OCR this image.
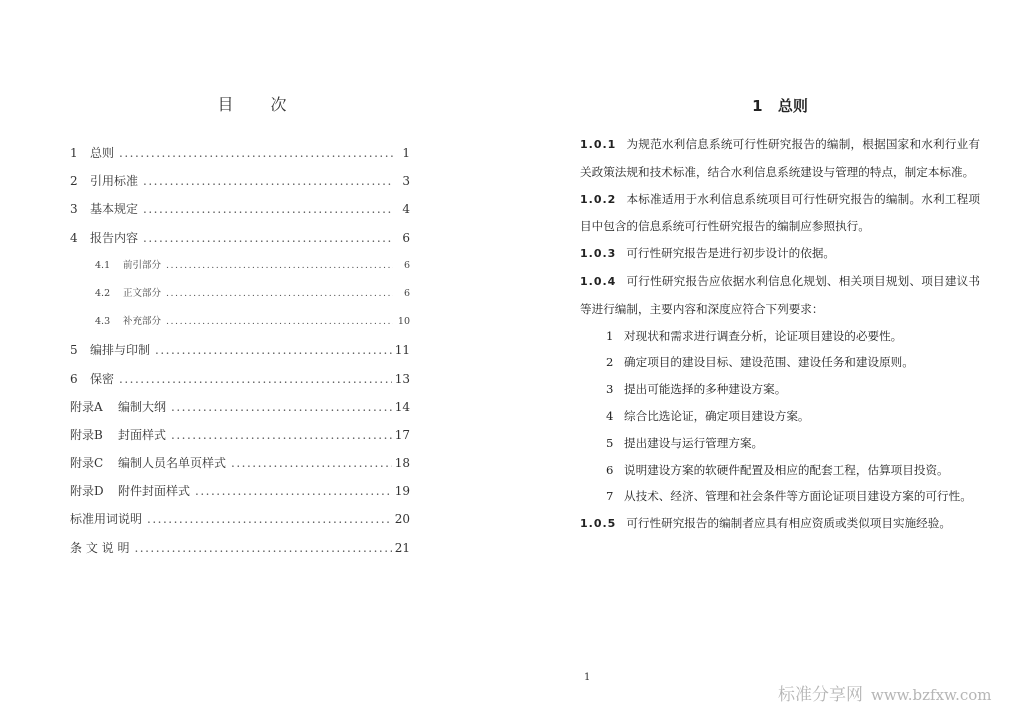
目 次
1	总则 .....	1
2	引用标准 .....	3
3	基本规定 .....	4
4	报告内容 .....	6
4.1	前引部分 .....	6
4.2	正文部分 .....	6
4.3	补充部分 .....	10
5	编排与印制 .....	11
6	保密 .....	13
附录A	编制大纲 .....	14
附录B	封面样式 .....	17
附录C	编制人员名单页样式 .....	18
附录D	附件封面样式 .....	19
标准用词说明 .....	20
条 文 说 明 .....	21
1 总则

1.0.1 为规范水利信息系统可行性研究报告的编制，根据国家和水利行业有关政策法规和技术标准，结合水利信息系统建设与管理的特点，制定本标准。

1.0.2 本标准适用于水利信息系统项目可行性研究报告的编制。水利工程项目中包含的信息系统可行性研究报告的编制应参照执行。

1.0.3 可行性研究报告是进行初步设计的依据。

1.0.4 可行性研究报告应依据水利信息化规划、相关项目规划、项目建议书等进行编制，主要内容和深度应符合下列要求：

1 对现状和需求进行调查分析，论证项目建设的必要性。

2 确定项目的建设目标、建设范围、建设任务和建设原则。

3 提出可能选择的多种建设方案。

4 综合比选论证，确定项目建设方案。

5 提出建设与运行管理方案。

6 说明建设方案的软硬件配置及相应的配套工程，估算项目投资。

7 从技术、经济、管理和社会条件等方面论证项目建设方案的可行性。

1.0.5 可行性研究报告的编制者应具有相应资质或类似项目实施经验。

1
标准分享网 www.bzfxw.com
